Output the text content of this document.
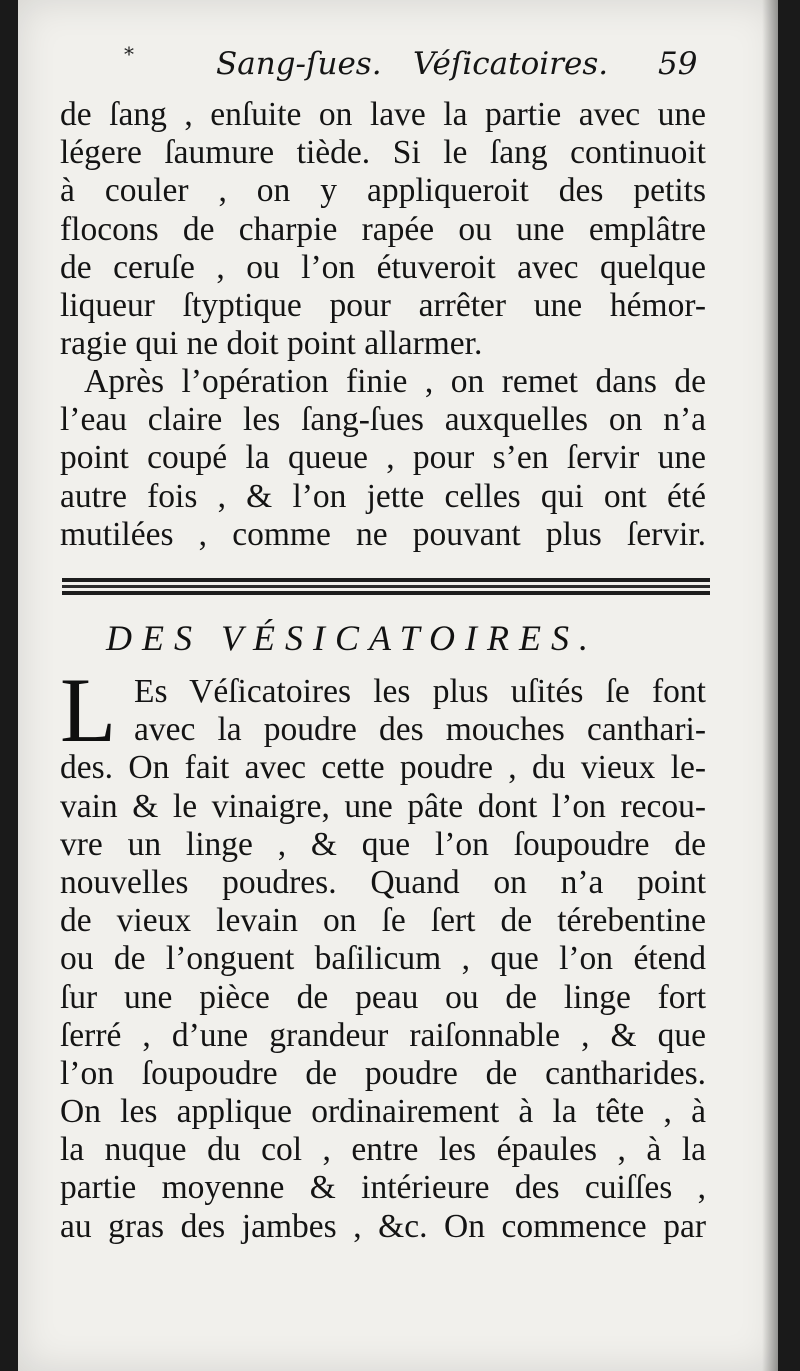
*	Sang-ſues. Véſicatoires. 59
de ſang , enſuite on lave la partie avec une
légere ſaumure tiède. Si le ſang continuoit
à couler , on y appliqueroit des petits
flocons de charpie rapée ou une emplâtre
de ceruſe , ou l’on étuveroit avec quelque
liqueur ſtyptique pour arrêter une hémor-
ragie qui ne doit point allarmer.
Après l’opération finie , on remet dans de
l’eau claire les ſang-ſues auxquelles on n’a
point coupé la queue , pour s’en ſervir une
autre fois , & l’on jette celles qui ont été
mutilées , comme ne pouvant plus ſervir.
DES VÉSICATOIRES.
L Es Véſicatoires les plus uſités ſe font
avec la poudre des mouches canthari-
des. On fait avec cette poudre , du vieux le-
vain & le vinaigre, une pâte dont l’on recou-
vre un linge , & que l’on ſoupoudre de
nouvelles poudres. Quand on n’a point
de vieux levain on ſe ſert de térebentine
ou de l’onguent baſilicum , que l’on étend
ſur une pièce de peau ou de linge fort
ſerré , d’une grandeur raiſonnable , & que
l’on ſoupoudre de poudre de cantharides.
On les applique ordinairement à la tête , à
la nuque du col , entre les épaules , à la
partie moyenne & intérieure des cuiſſes ,
au gras des jambes , &c. On commence par
